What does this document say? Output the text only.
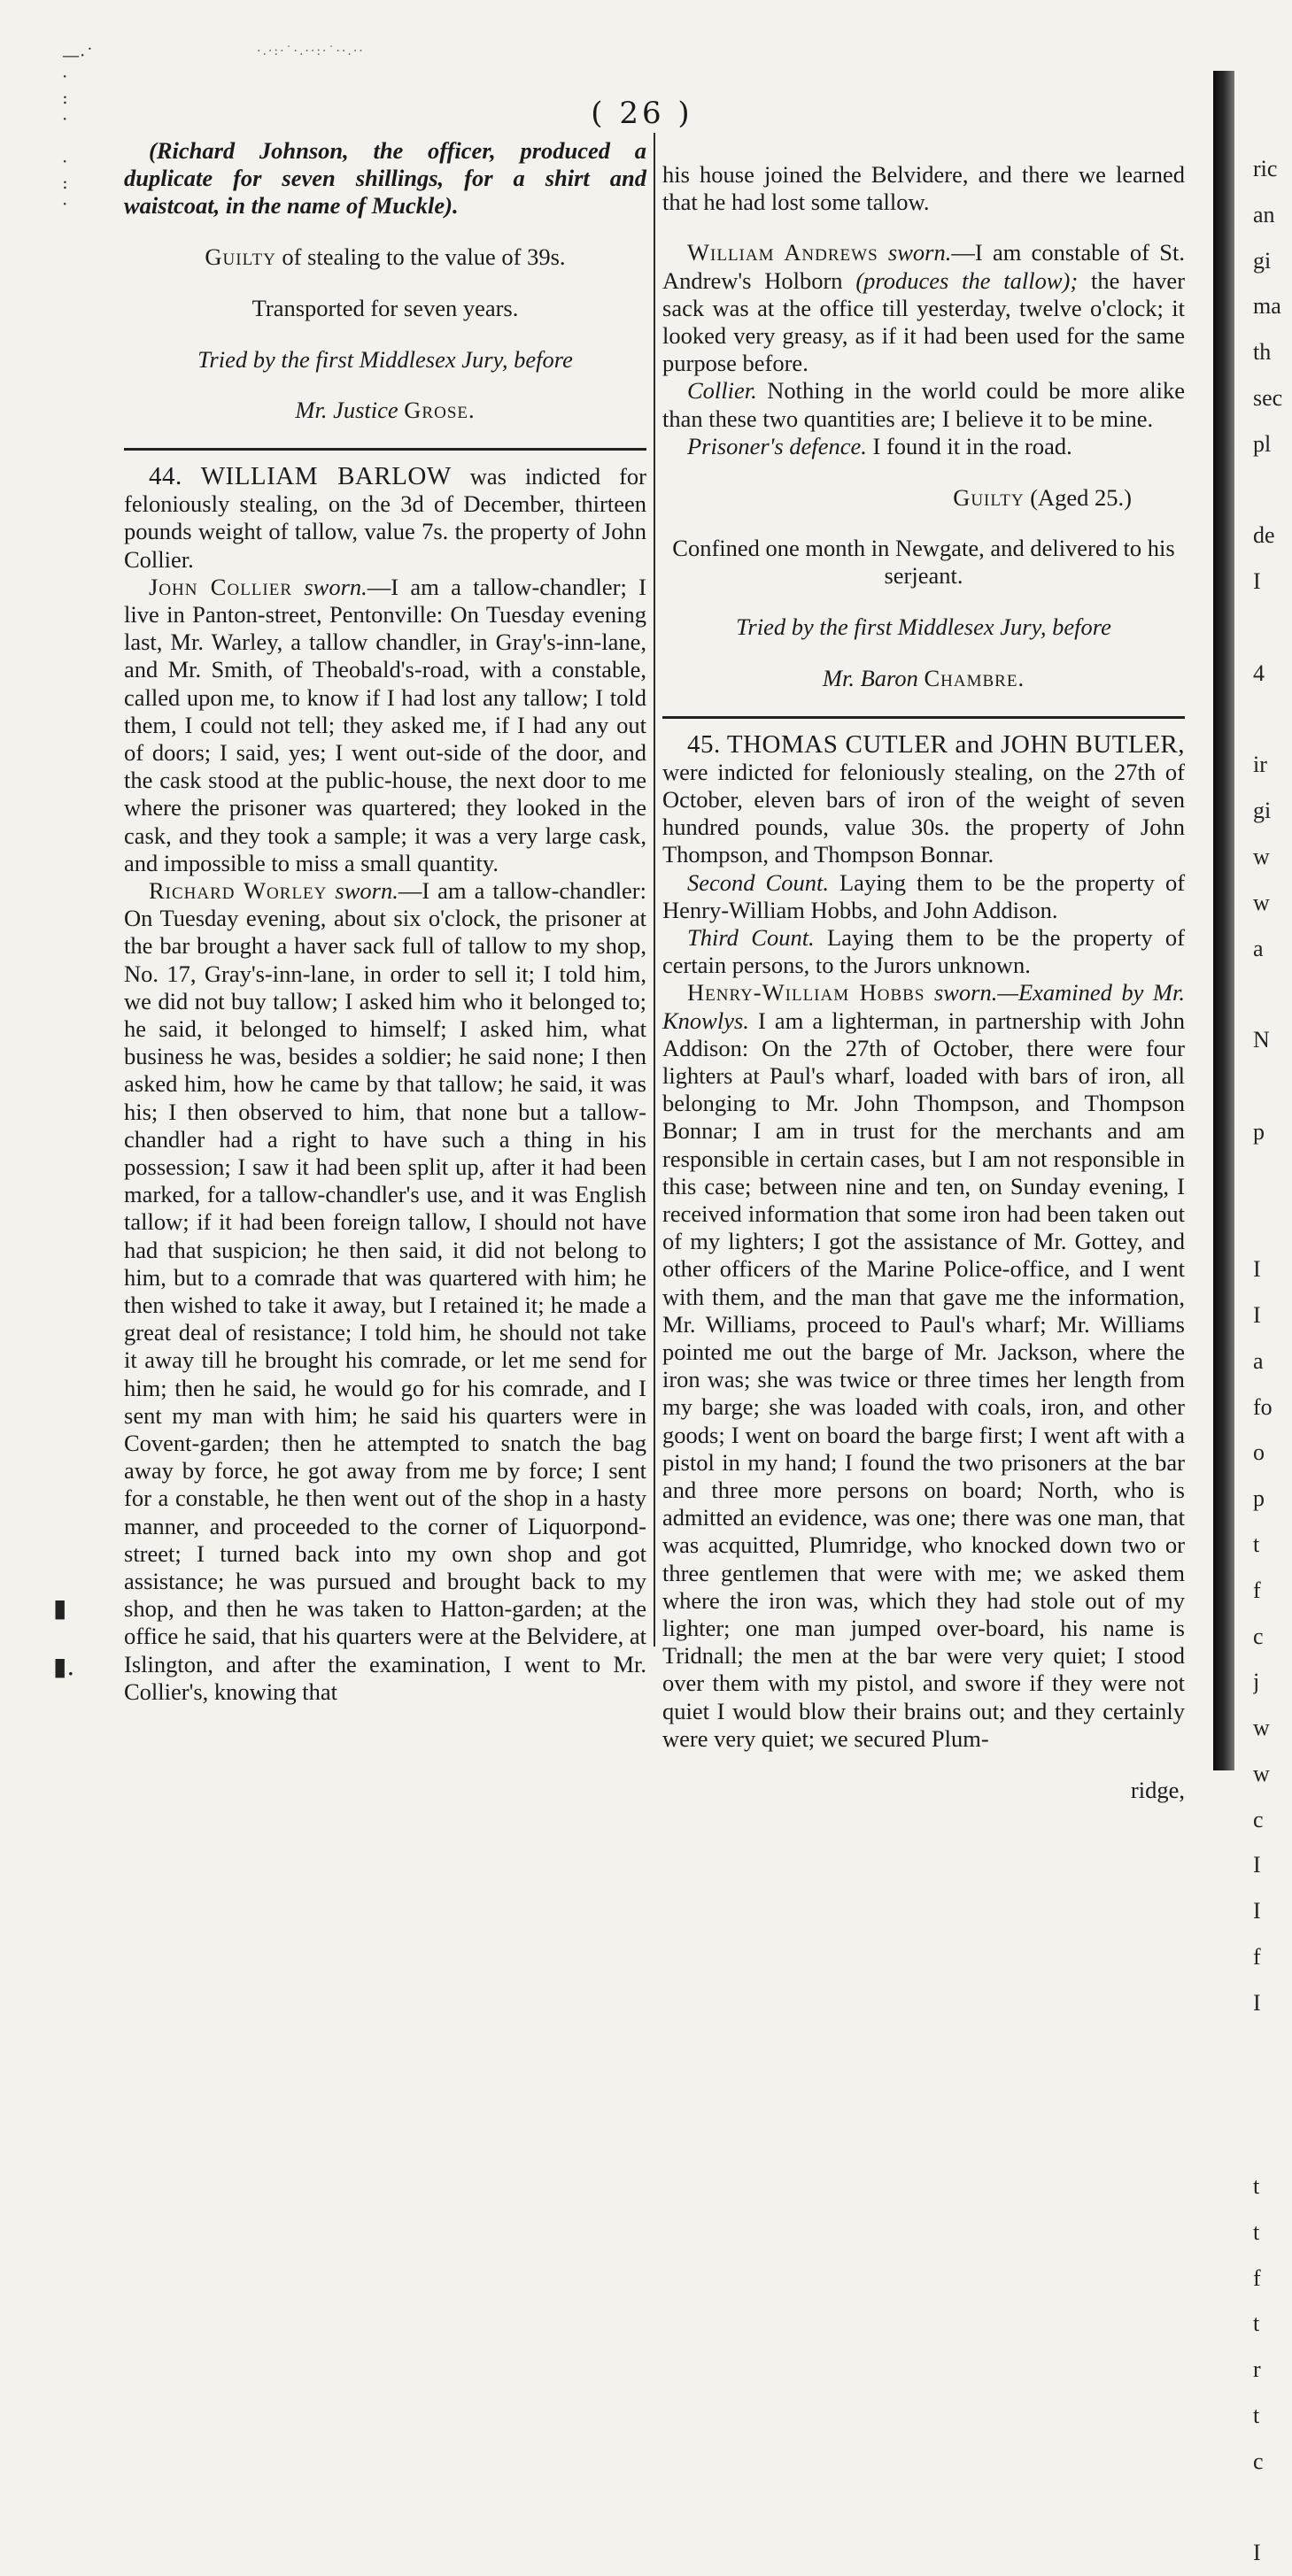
—·˙
·
:
·

·
:
·
·.·:·˙·.··:·˙··.··
( 26 )

(Richard Johnson, the officer, produced a duplicate for seven shillings, for a shirt and waistcoat, in the name of Muckle).

Guilty of stealing to the value of 39s.

Transported for seven years.

Tried by the first Middlesex Jury, before

Mr. Justice Grose.

44. WILLIAM BARLOW was indicted for feloniously stealing, on the 3d of December, thirteen pounds weight of tallow, value 7s. the property of John Collier.

John Collier sworn.—I am a tallow-chandler; I live in Panton-street, Pentonville: On Tuesday evening last, Mr. Warley, a tallow chandler, in Gray's-inn-lane, and Mr. Smith, of Theobald's-road, with a constable, called upon me, to know if I had lost any tallow; I told them, I could not tell; they asked me, if I had any out of doors; I said, yes; I went out-side of the door, and the cask stood at the public-house, the next door to me where the prisoner was quartered; they looked in the cask, and they took a sample; it was a very large cask, and impossible to miss a small quantity.

Richard Worley sworn.—I am a tallow-chandler: On Tuesday evening, about six o'clock, the prisoner at the bar brought a haver sack full of tallow to my shop, No. 17, Gray's-inn-lane, in order to sell it; I told him, we did not buy tallow; I asked him who it belonged to; he said, it belonged to himself; I asked him, what business he was, besides a soldier; he said none; I then asked him, how he came by that tallow; he said, it was his; I then observed to him, that none but a tallow-chandler had a right to have such a thing in his possession; I saw it had been split up, after it had been marked, for a tallow-chandler's use, and it was English tallow; if it had been foreign tallow, I should not have had that suspicion; he then said, it did not belong to him, but to a comrade that was quartered with him; he then wished to take it away, but I retained it; he made a great deal of resistance; I told him, he should not take it away till he brought his comrade, or let me send for him; then he said, he would go for his comrade, and I sent my man with him; he said his quarters were in Covent-garden; then he attempted to snatch the bag away by force, he got away from me by force; I sent for a constable, he then went out of the shop in a hasty manner, and proceeded to the corner of Liquorpond-street; I turned back into my own shop and got assistance; he was pursued and brought back to my shop, and then he was taken to Hatton-garden; at the office he said, that his quarters were at the Belvidere, at Islington, and after the examination, I went to Mr. Collier's, knowing that

his house joined the Belvidere, and there we learned that he had lost some tallow.

William Andrews sworn.—I am constable of St. Andrew's Holborn (produces the tallow); the haver sack was at the office till yesterday, twelve o'clock; it looked very greasy, as if it had been used for the same purpose before.

Collier. Nothing in the world could be more alike than these two quantities are; I believe it to be mine.

Prisoner's defence. I found it in the road.

Guilty (Aged 25.)

Confined one month in Newgate, and delivered to his serjeant.

Tried by the first Middlesex Jury, before

Mr. Baron Chambre.

45. THOMAS CUTLER and JOHN BUTLER, were indicted for feloniously stealing, on the 27th of October, eleven bars of iron of the weight of seven hundred pounds, value 30s. the property of John Thompson, and Thompson Bonnar.

Second Count. Laying them to be the property of Henry-William Hobbs, and John Addison.

Third Count. Laying them to be the property of certain persons, to the Jurors unknown.

Henry-William Hobbs sworn.—Examined by Mr. Knowlys. I am a lighterman, in partnership with John Addison: On the 27th of October, there were four lighters at Paul's wharf, loaded with bars of iron, all belonging to Mr. John Thompson, and Thompson Bonnar; I am in trust for the merchants and am responsible in certain cases, but I am not responsible in this case; between nine and ten, on Sunday evening, I received information that some iron had been taken out of my lighters; I got the assistance of Mr. Gottey, and other officers of the Marine Police-office, and I went with them, and the man that gave me the information, Mr. Williams, proceed to Paul's wharf; Mr. Williams pointed me out the barge of Mr. Jackson, where the iron was; she was twice or three times her length from my barge; she was loaded with coals, iron, and other goods; I went on board the barge first; I went aft with a pistol in my hand; I found the two prisoners at the bar and three more persons on board; North, who is admitted an evidence, was one; there was one man, that was acquitted, Plumridge, who knocked down two or three gentlemen that were with me; we asked them where the iron was, which they had stole out of my lighter; one man jumped over-board, his name is Tridnall; the men at the bar were very quiet; I stood over them with my pistol, and swore if they were not quiet I would blow their brains out; and they certainly were very quiet; we secured Plum-

ridge,

ric
an
gi
ma
th
sec
pl

de
I

4

ir
gi
w
w
a

N

p

I
I
a
fo
o
p
t
f
c
j
w
w
c
I
I
f
I

t
t
f
t
r
t
c

I
▮

▮.
